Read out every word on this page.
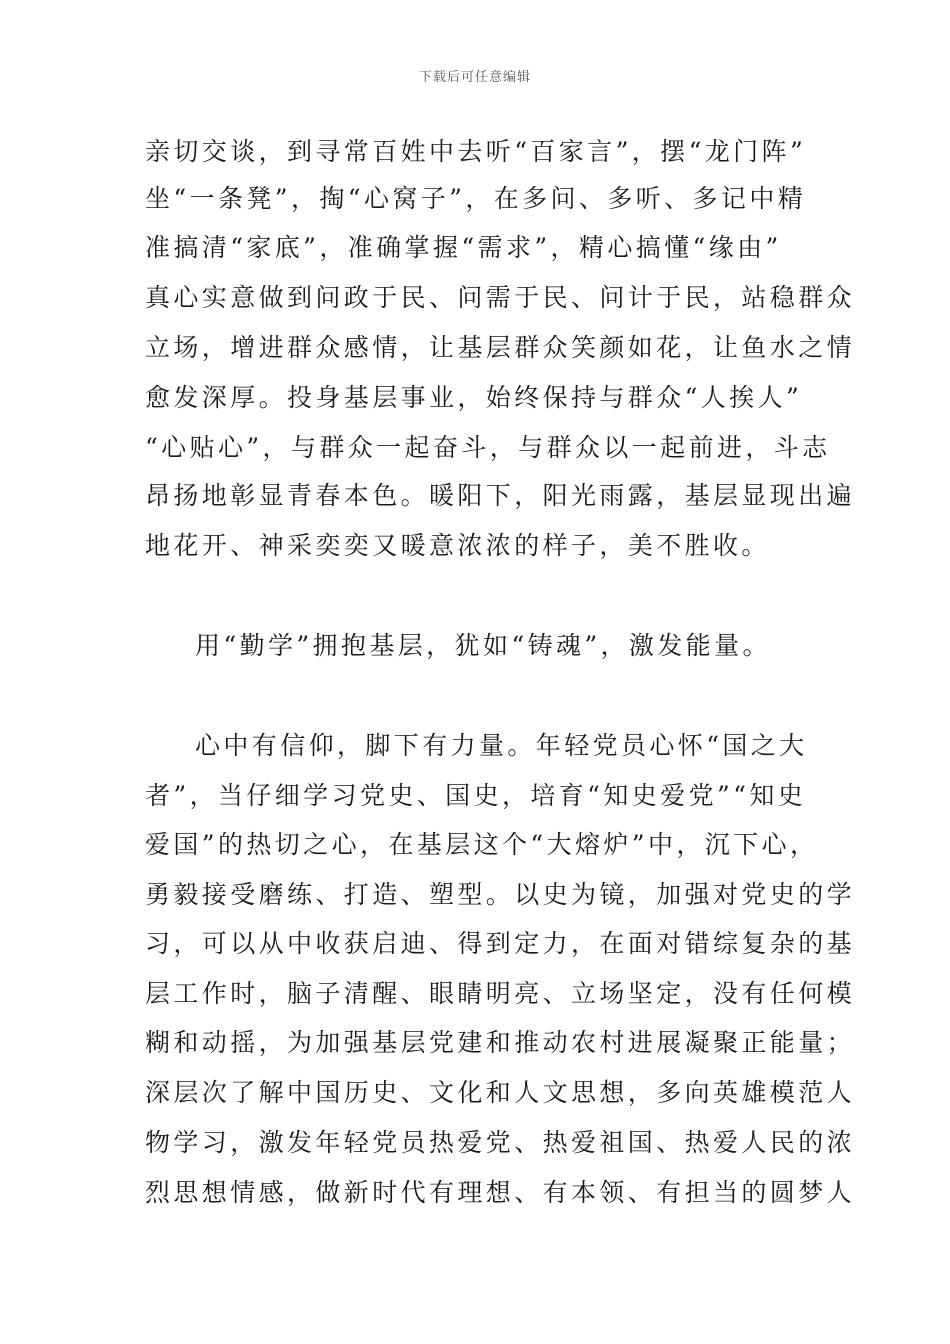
下载后可任意编辑
亲切交谈，到寻常百姓中去听“百家言”，摆“龙门阵”
坐“一条凳”，掏“心窝子”，在多问、多听、多记中精
准搞清“家底”，准确掌握“需求”，精心搞懂“缘由”
真心实意做到问政于民、问需于民、问计于民，站稳群众
立场，增进群众感情，让基层群众笑颜如花，让鱼水之情
愈发深厚。投身基层事业，始终保持与群众“人挨人”
“心贴心”，与群众一起奋斗，与群众以一起前进，斗志
昂扬地彰显青春本色。暖阳下，阳光雨露，基层显现出遍
地花开、神采奕奕又暖意浓浓的样子，美不胜收。
用“勤学”拥抱基层，犹如“铸魂”，激发能量。
心中有信仰，脚下有力量。年轻党员心怀“国之大
者”，当仔细学习党史、国史，培育“知史爱党”“知史
爱国”的热切之心，在基层这个“大熔炉”中，沉下心，
勇毅接受磨练、打造、塑型。以史为镜，加强对党史的学
习，可以从中收获启迪、得到定力，在面对错综复杂的基
层工作时，脑子清醒、眼睛明亮、立场坚定，没有任何模
糊和动摇，为加强基层党建和推动农村进展凝聚正能量；
深层次了解中国历史、文化和人文思想，多向英雄模范人
物学习，激发年轻党员热爱党、热爱祖国、热爱人民的浓
烈思想情感，做新时代有理想、有本领、有担当的圆梦人
